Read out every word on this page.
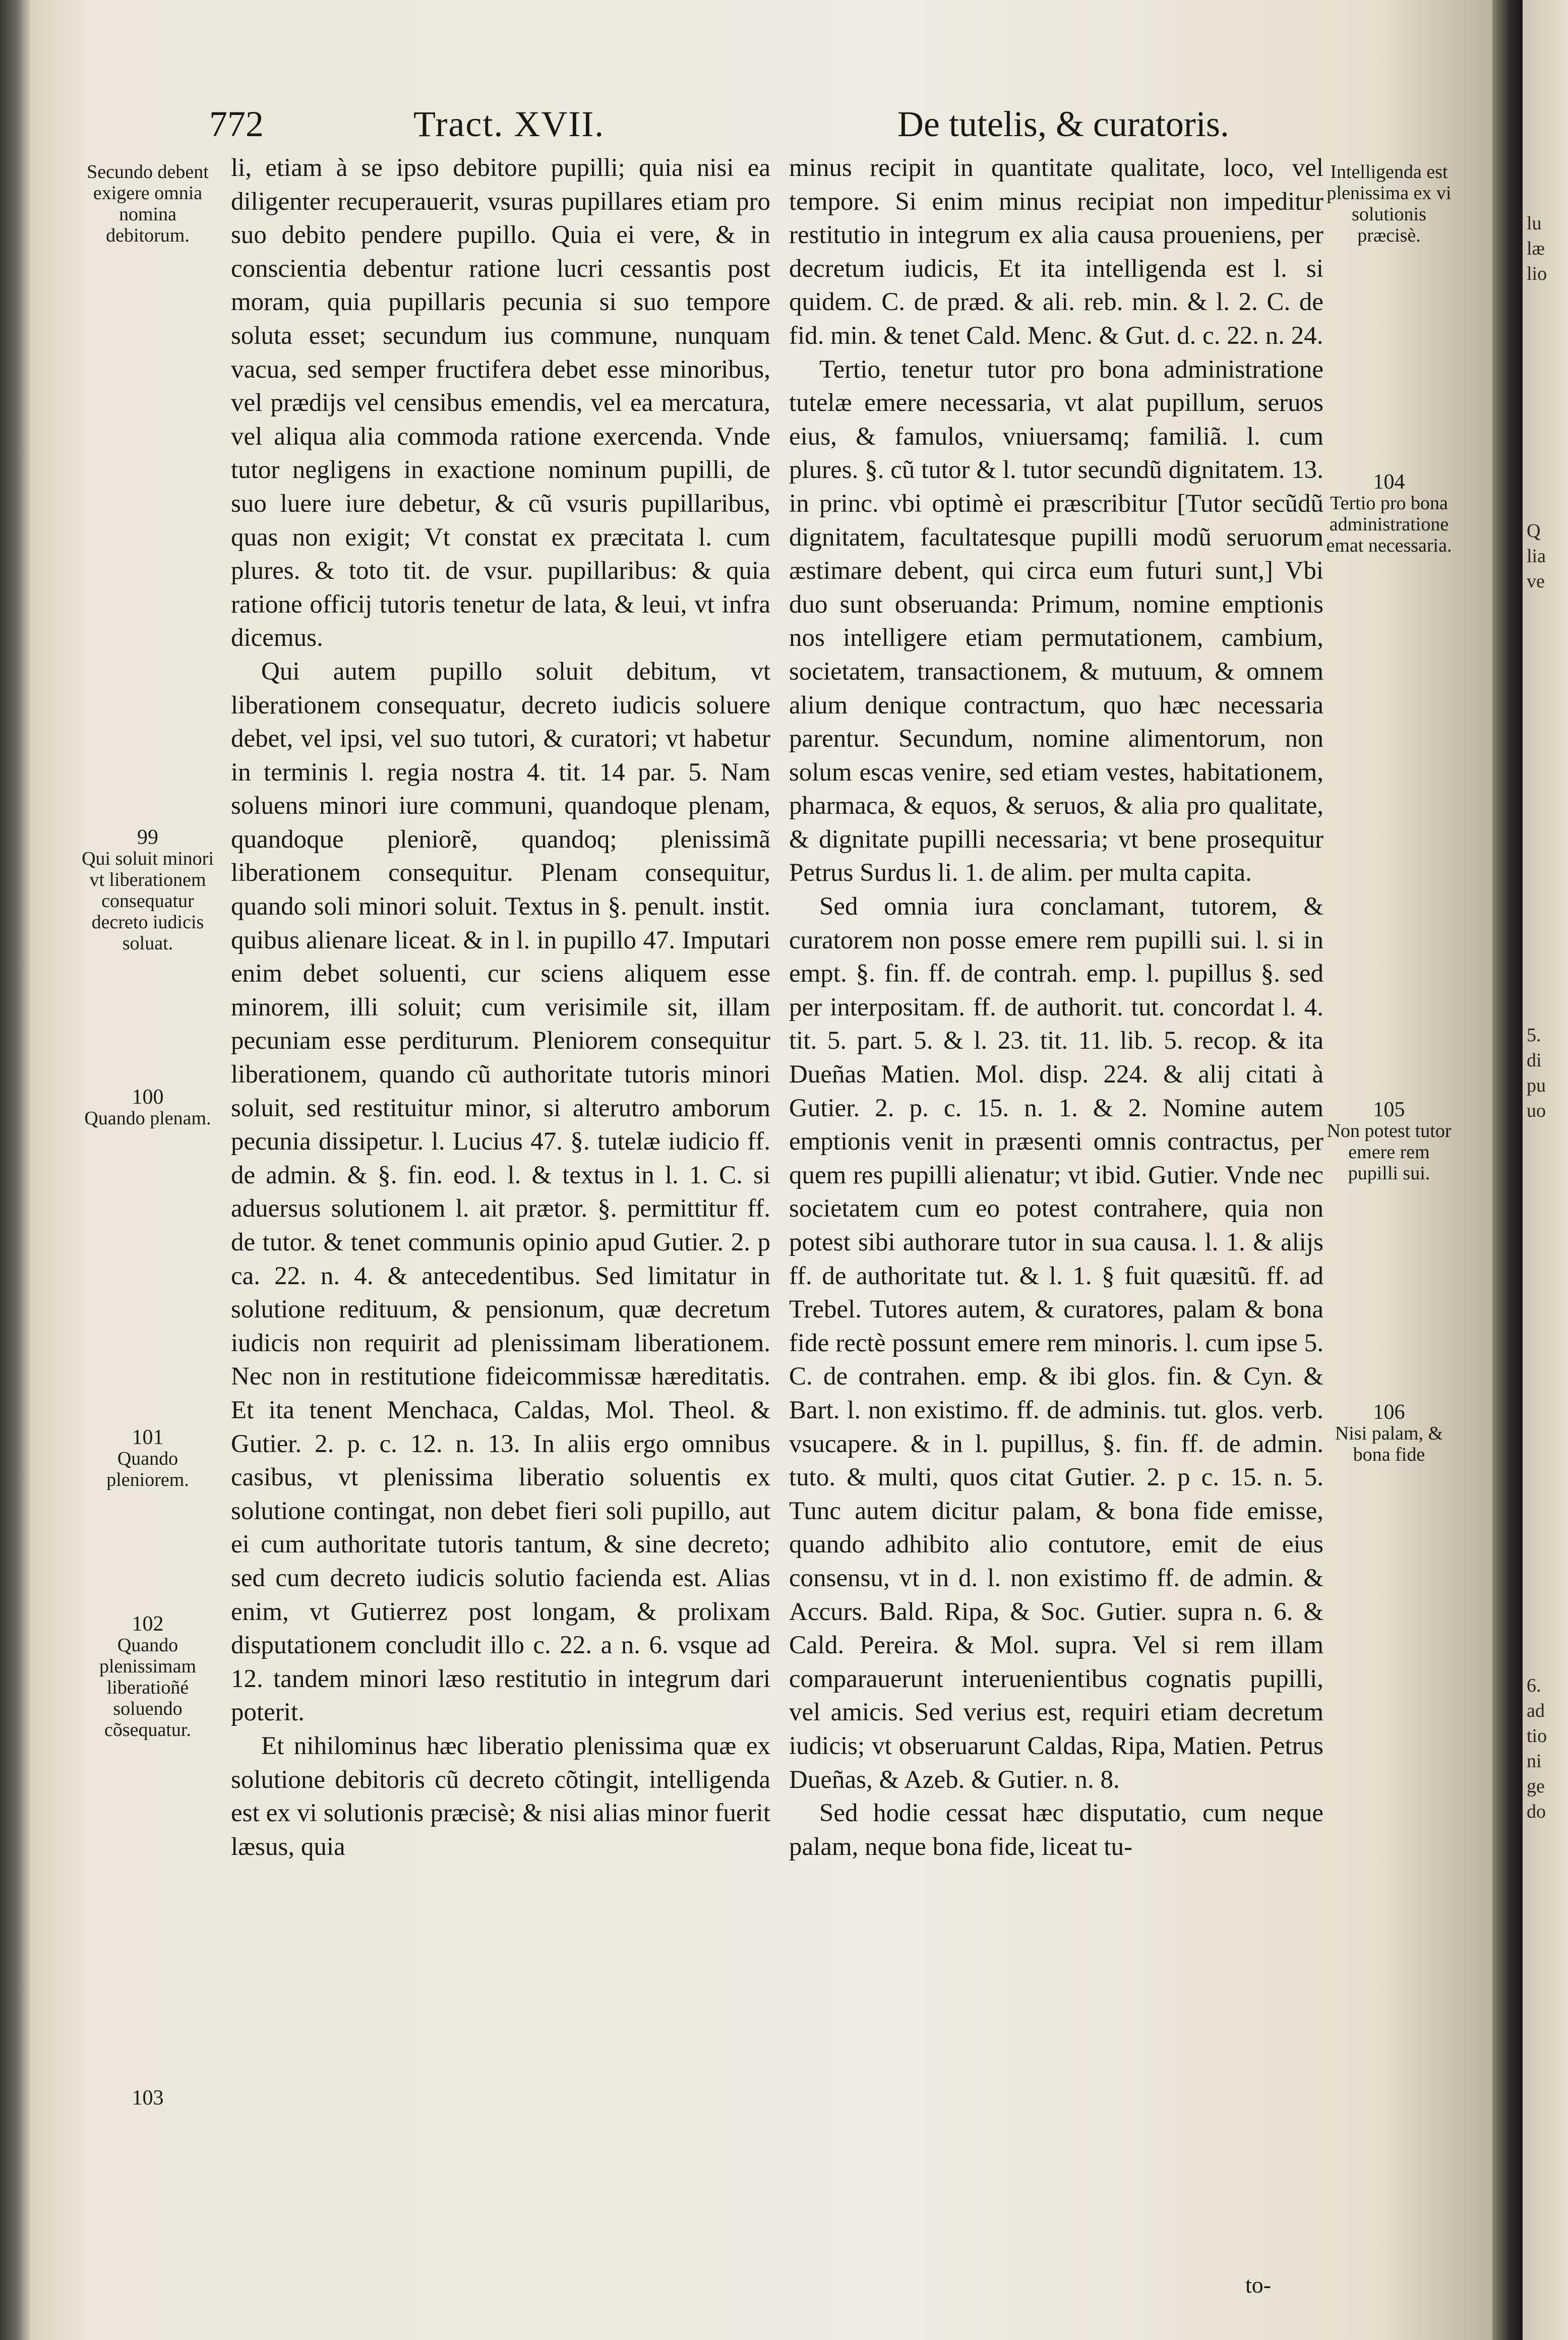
lu
læ
lio
Q
lia
ve
5.
di
pu
uo
6.
ad
tio
ni
ge
do
772	Tract. XVII.	De tutelis, & curatoris.

li, etiam à se ipso debitore pupilli; quia nisi ea diligenter recuperauerit, vsuras pupillares etiam pro suo debito pendere pupillo. Quia ei vere, & in conscientia debentur ratione lucri cessantis post moram, quia pupillaris pecunia si suo tempore soluta esset; secundum ius commune, nunquam vacua, sed semper fructifera debet esse minoribus, vel prædijs vel censibus emendis, vel ea mercatura, vel aliqua alia commoda ratione exercenda. Vnde tutor negligens in exactione nominum pupilli, de suo luere iure debetur, & cũ vsuris pupillaribus, quas non exigit; Vt constat ex præcitata l. cum plures. & toto tit. de vsur. pupillaribus: & quia ratione officij tutoris tenetur de lata, & leui, vt infra dicemus.

Qui autem pupillo soluit debitum, vt liberationem consequatur, decreto iudicis soluere debet, vel ipsi, vel suo tutori, & curatori; vt habetur in terminis l. regia nostra 4. tit. 14 par. 5. Nam soluens minori iure communi, quandoque plenam, quandoque pleniorẽ, quandoq; plenissimã liberationem consequitur. Plenam consequitur, quando soli minori soluit. Textus in §. penult. instit. quibus alienare liceat. & in l. in pupillo 47. Imputari enim debet soluenti, cur sciens aliquem esse minorem, illi soluit; cum verisimile sit, illam pecuniam esse perditurum. Pleniorem consequitur liberationem, quando cũ authoritate tutoris minori soluit, sed restituitur minor, si alterutro amborum pecunia dissipetur. l. Lucius 47. §. tutelæ iudicio ff. de admin. & §. fin. eod. l. & textus in l. 1. C. si aduersus solutionem l. ait prætor. §. permittitur ff. de tutor. & tenet communis opinio apud Gutier. 2. p ca. 22. n. 4. & antecedentibus. Sed limitatur in solutione redituum, & pensionum, quæ decretum iudicis non requirit ad plenissimam liberationem. Nec non in restitutione fideicommissæ hæreditatis. Et ita tenent Menchaca, Caldas, Mol. Theol. & Gutier. 2. p. c. 12. n. 13. In aliis ergo omnibus casibus, vt plenissima liberatio soluentis ex solutione contingat, non debet fieri soli pupillo, aut ei cum authoritate tutoris tantum, & sine decreto; sed cum decreto iudicis solutio facienda est. Alias enim, vt Gutierrez post longam, & prolixam disputationem concludit illo c. 22. a n. 6. vsque ad 12. tandem minori læso restitutio in integrum dari poterit.

Et nihilominus hæc liberatio plenissima quæ ex solutione debitoris cũ decreto cõtingit, intelligenda est ex vi solutionis præcisè; & nisi alias minor fuerit læsus, quia

minus recipit in quantitate qualitate, loco, vel tempore. Si enim minus recipiat non impeditur restitutio in integrum ex alia causa proueniens, per decretum iudicis, Et ita intelligenda est l. si quidem. C. de præd. & ali. reb. min. & l. 2. C. de fid. min. & tenet Cald. Menc. & Gut. d. c. 22. n. 24.

Tertio, tenetur tutor pro bona administratione tutelæ emere necessaria, vt alat pupillum, seruos eius, & famulos, vniuersamq; familiã. l. cum plures. §. cũ tutor & l. tutor secundũ dignitatem. 13. in princ. vbi optimè ei præscribitur [Tutor secũdũ dignitatem, facultatesque pupilli modũ seruorum æstimare debent, qui circa eum futuri sunt,] Vbi duo sunt obseruanda: Primum, nomine emptionis nos intelligere etiam permutationem, cambium, societatem, transactionem, & mutuum, & omnem alium denique contractum, quo hæc necessaria parentur. Secundum, nomine alimentorum, non solum escas venire, sed etiam vestes, habitationem, pharmaca, & equos, & seruos, & alia pro qualitate, & dignitate pupilli necessaria; vt bene prosequitur Petrus Surdus li. 1. de alim. per multa capita.

Sed omnia iura conclamant, tutorem, & curatorem non posse emere rem pupilli sui. l. si in empt. §. fin. ff. de contrah. emp. l. pupillus §. sed per interpositam. ff. de authorit. tut. concordat l. 4. tit. 5. part. 5. & l. 23. tit. 11. lib. 5. recop. & ita Dueñas Matien. Mol. disp. 224. & alij citati à Gutier. 2. p. c. 15. n. 1. & 2. Nomine autem emptionis venit in præsenti omnis contractus, per quem res pupilli alienatur; vt ibid. Gutier. Vnde nec societatem cum eo potest contrahere, quia non potest sibi authorare tutor in sua causa. l. 1. & alijs ff. de authoritate tut. & l. 1. § fuit quæsitũ. ff. ad Trebel. Tutores autem, & curatores, palam & bona fide rectè possunt emere rem minoris. l. cum ipse 5. C. de contrahen. emp. & ibi glos. fin. & Cyn. & Bart. l. non existimo. ff. de adminis. tut. glos. verb. vsucapere. & in l. pupillus, §. fin. ff. de admin. tuto. & multi, quos citat Gutier. 2. p c. 15. n. 5. Tunc autem dicitur palam, & bona fide emisse, quando adhibito alio contutore, emit de eius consensu, vt in d. l. non existimo ff. de admin. & Accurs. Bald. Ripa, & Soc. Gutier. supra n. 6. & Cald. Pereira. & Mol. supra. Vel si rem illam comparauerunt interuenientibus cognatis pupilli, vel amicis. Sed verius est, requiri etiam decretum iudicis; vt obseruarunt Caldas, Ripa, Matien. Petrus Dueñas, & Azeb. & Gutier. n. 8.

Sed hodie cessat hæc disputatio, cum neque palam, neque bona fide, liceat tu-

to-
Secundo debent exigere omnia nomina debitorum.
99
Qui soluit minori vt liberationem consequatur decreto iudicis soluat.
100
Quando plenam.
101
Quando pleniorem.
102
Quando plenissimam liberatioñé soluendo cõsequatur.
103
Intelligenda est plenissima ex vi solutionis præcisè.
104
Tertio pro bona administratione emat necessaria.
105
Non potest tutor emere rem pupilli sui.
106
Nisi palam, & bona fide
